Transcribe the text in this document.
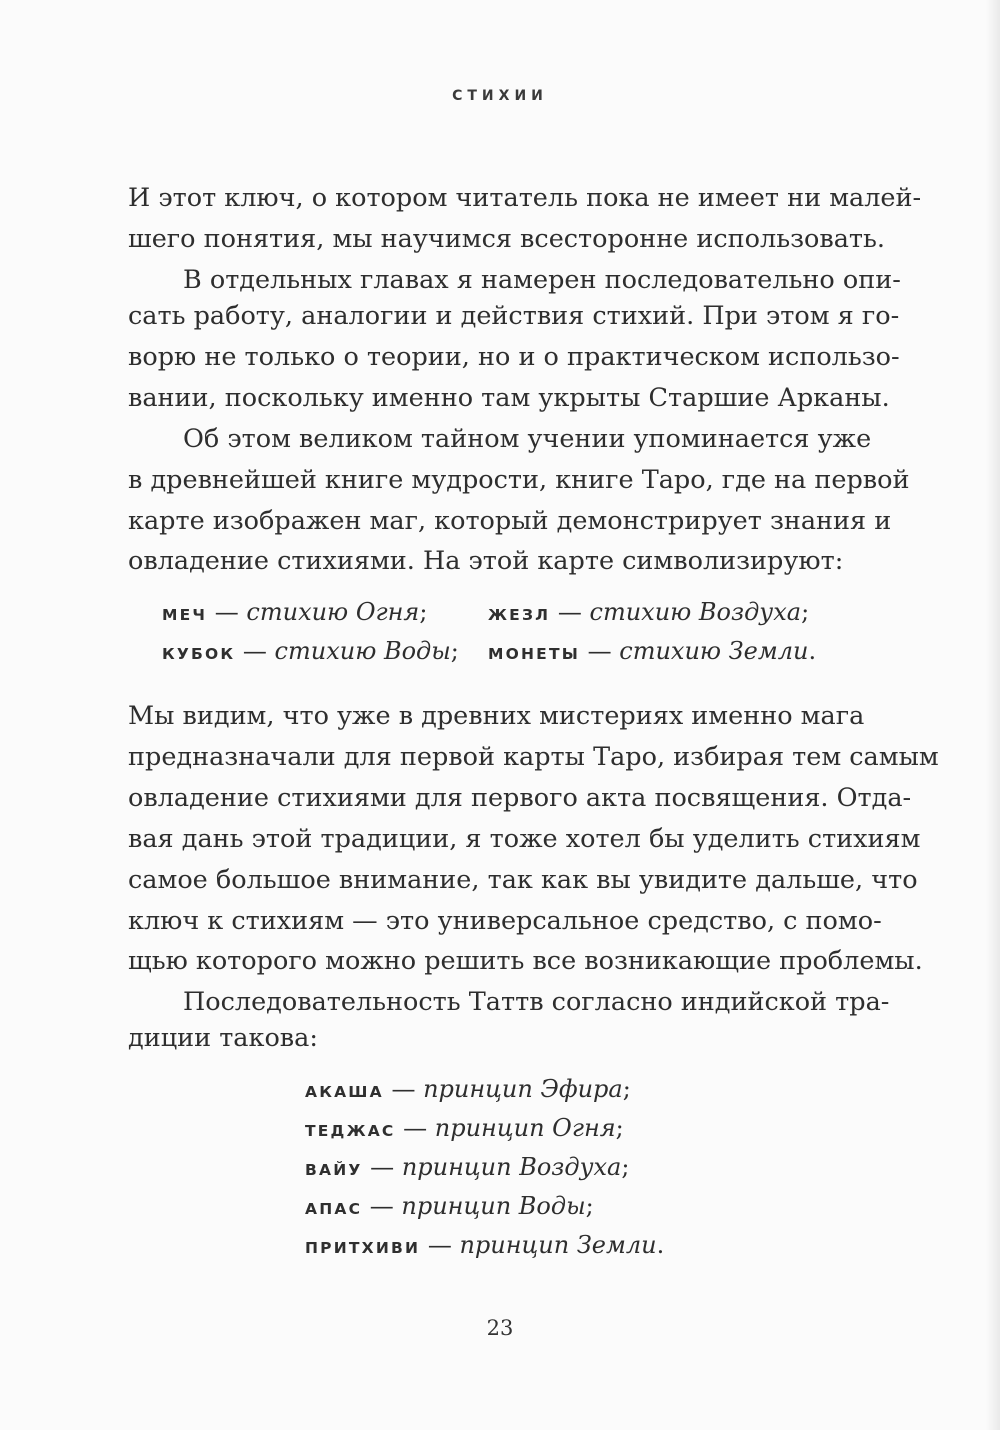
СТИХИИ
И этот ключ, о котором читатель пока не имеет ни малей-
шего понятия, мы научимся всесторонне использовать.
В отдельных главах я намерен последовательно опи-
сать работу, аналогии и действия стихий. При этом я го-
ворю не только о теории, но и о практическом использо-
вании, поскольку именно там укрыты Старшие Арканы.
Об этом великом тайном учении упоминается уже
в древнейшей книге мудрости, книге Таро, где на первой
карте изображен маг, который демонстрирует знания и
овладение стихиями. На этой карте символизируют:
МЕЧ — стихию Огня;	ЖЕЗЛ — стихию Воздуха;
КУБОК — стихию Воды; МОНЕТЫ — стихию Земли.
Мы видим, что уже в древних мистериях именно мага
предназначали для первой карты Таро, избирая тем самым
овладение стихиями для первого акта посвящения. Отда-
вая дань этой традиции, я тоже хотел бы уделить стихиям
самое большое внимание, так как вы увидите дальше, что
ключ к стихиям — это универсальное средство, с помо-
щью которого можно решить все возникающие проблемы.
Последовательность Таттв согласно индийской тра-
диции такова:
АКАША — принцип Эфира;
ТЕДЖАС — принцип Огня;
ВАЙУ — принцип Воздуха;
АПАС — принцип Воды;
ПРИТХИВИ — принцип Земли.
23
